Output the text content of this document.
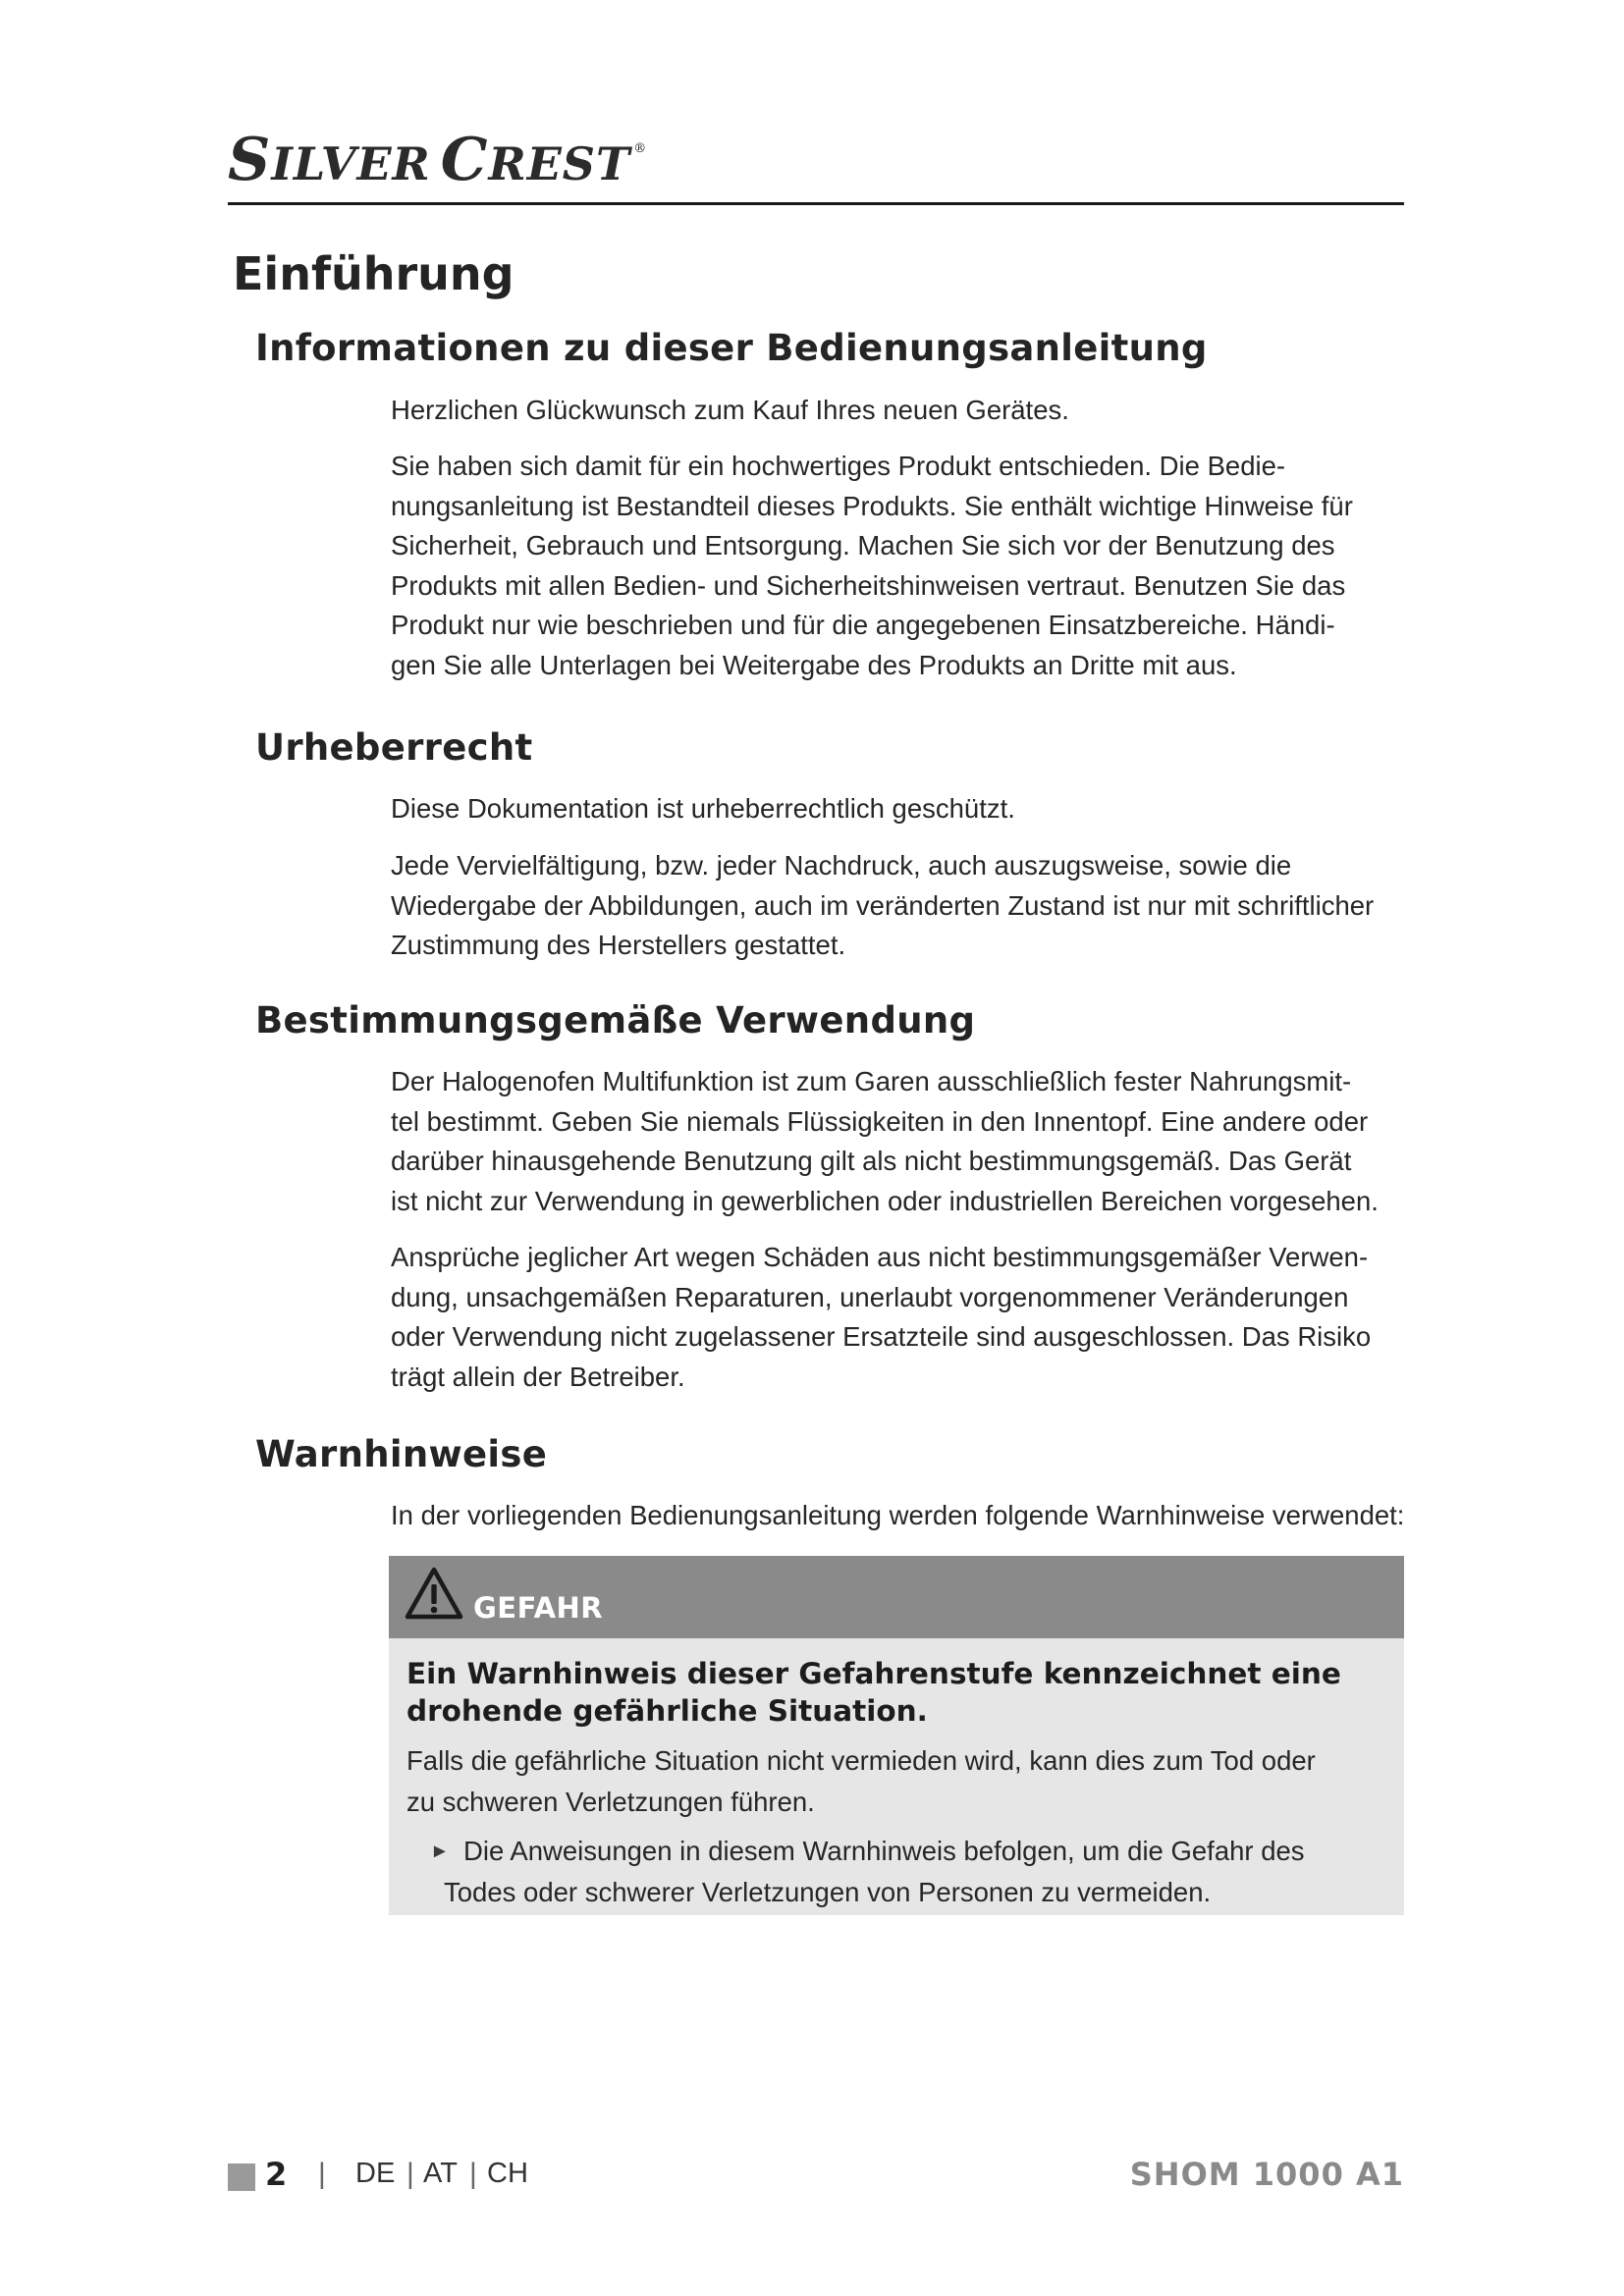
SILVER CREST ®
Einführung
Informationen zu dieser Bedienungsanleitung
Herzlichen Glückwunsch zum Kauf Ihres neuen Gerätes.
Sie haben sich damit für ein hochwertiges Produkt entschieden. Die Bedie-
nungsanleitung ist Bestandteil dieses Produkts. Sie enthält wichtige Hinweise für
Sicherheit, Gebrauch und Entsorgung. Machen Sie sich vor der Benutzung des
Produkts mit allen Bedien- und Sicherheitshinweisen vertraut. Benutzen Sie das
Produkt nur wie beschrieben und für die angegebenen Einsatzbereiche. Händi-
gen Sie alle Unterlagen bei Weitergabe des Produkts an Dritte mit aus.
Urheberrecht
Diese Dokumentation ist urheberrechtlich geschützt.
Jede Vervielfältigung, bzw. jeder Nachdruck, auch auszugsweise, sowie die
Wiedergabe der Abbildungen, auch im veränderten Zustand ist nur mit schriftlicher
Zustimmung des Herstellers gestattet.
Bestimmungsgemäße Verwendung
Der Halogenofen Multifunktion ist zum Garen ausschließlich fester Nahrungsmit-
tel bestimmt. Geben Sie niemals Flüssigkeiten in den Innentopf. Eine andere oder
darüber hinausgehende Benutzung gilt als nicht bestimmungsgemäß. Das Gerät
ist nicht zur Verwendung in gewerblichen oder industriellen Bereichen vorgesehen.
Ansprüche jeglicher Art wegen Schäden aus nicht bestimmungsgemäßer Verwen-
dung, unsachgemäßen Reparaturen, unerlaubt vorgenommener Veränderungen
oder Verwendung nicht zugelassener Ersatzteile sind ausgeschlossen. Das Risiko
trägt allein der Betreiber.
Warnhinweise
In der vorliegenden Bedienungsanleitung werden folgende Warnhinweise verwendet:
GEFAHR
Ein Warnhinweis dieser Gefahrenstufe kennzeichnet eine
drohende gefährliche Situation.
Falls die gefährliche Situation nicht vermieden wird, kann dies zum Tod oder
zu schweren Verletzungen führen.
► Die Anweisungen in diesem Warnhinweis befolgen, um die Gefahr des
Todes oder schwerer Verletzungen von Personen zu vermeiden.
2 | DE | AT | CH	SHOM 1000 A1
